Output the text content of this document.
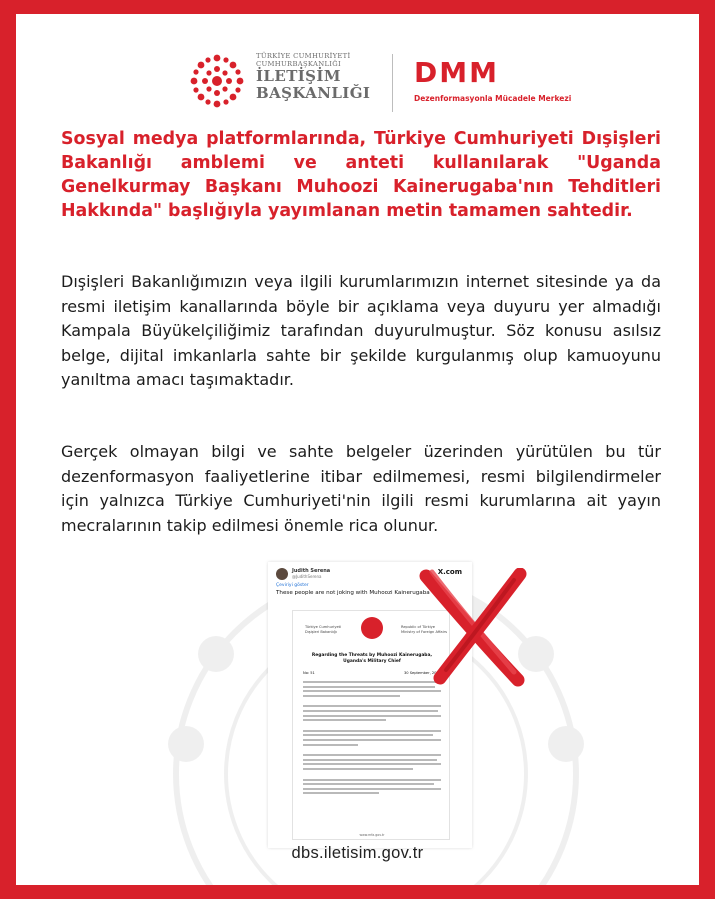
TÜRKİYE CUMHURİYETİ
CUMHURBAŞKANLIĞI
İLETİŞİM
BAŞKANLIĞI
DMM
Dezenformasyonla Mücadele Merkezi
Sosyal medya platformlarında, Türkiye Cumhuriyeti Dışişleri Bakanlığı amblemi ve anteti kullanılarak "Uganda Genelkurmay Başkanı Muhoozi Kainerugaba'nın Tehditleri Hakkında" başlığıyla yayımlanan metin tamamen sahtedir.

Dışişleri Bakanlığımızın veya ilgili kurumlarımızın internet sitesinde ya da resmi iletişim kanallarında böyle bir açıklama veya duyuru yer almadığı Kampala Büyükelçiliğimiz tarafından duyurulmuştur. Söz konusu asılsız belge, dijital imkanlarla sahte bir şekilde kurgulanmış olup kamuoyunu yanıltma amacı taşımaktadır.

Gerçek olmayan bilgi ve sahte belgeler üzerinden yürütülen bu tür dezenformasyon faaliyetlerine itibar edilmemesi, resmi bilgilendirmeler için yalnızca Türkiye Cumhuriyeti'nin ilgili resmi kurumlarına ait yayın mecralarının takip edilmesi önemle rica olunur.

Judith Serena
@JudithSerena
X.com
Çeviriyi göster
These people are not joking with Muhoozi Kainerugaba
Türkiye Cumhuriyeti
Dışişleri Bakanlığı
Republic of Türkiye
Ministry of Foreign Affairs
Regarding the Threats by Muhoozi Kainerugaba, Uganda's Military Chief
No: 51	30 September, 2024
www.mfa.gov.tr
dbs.iletisim.gov.tr
